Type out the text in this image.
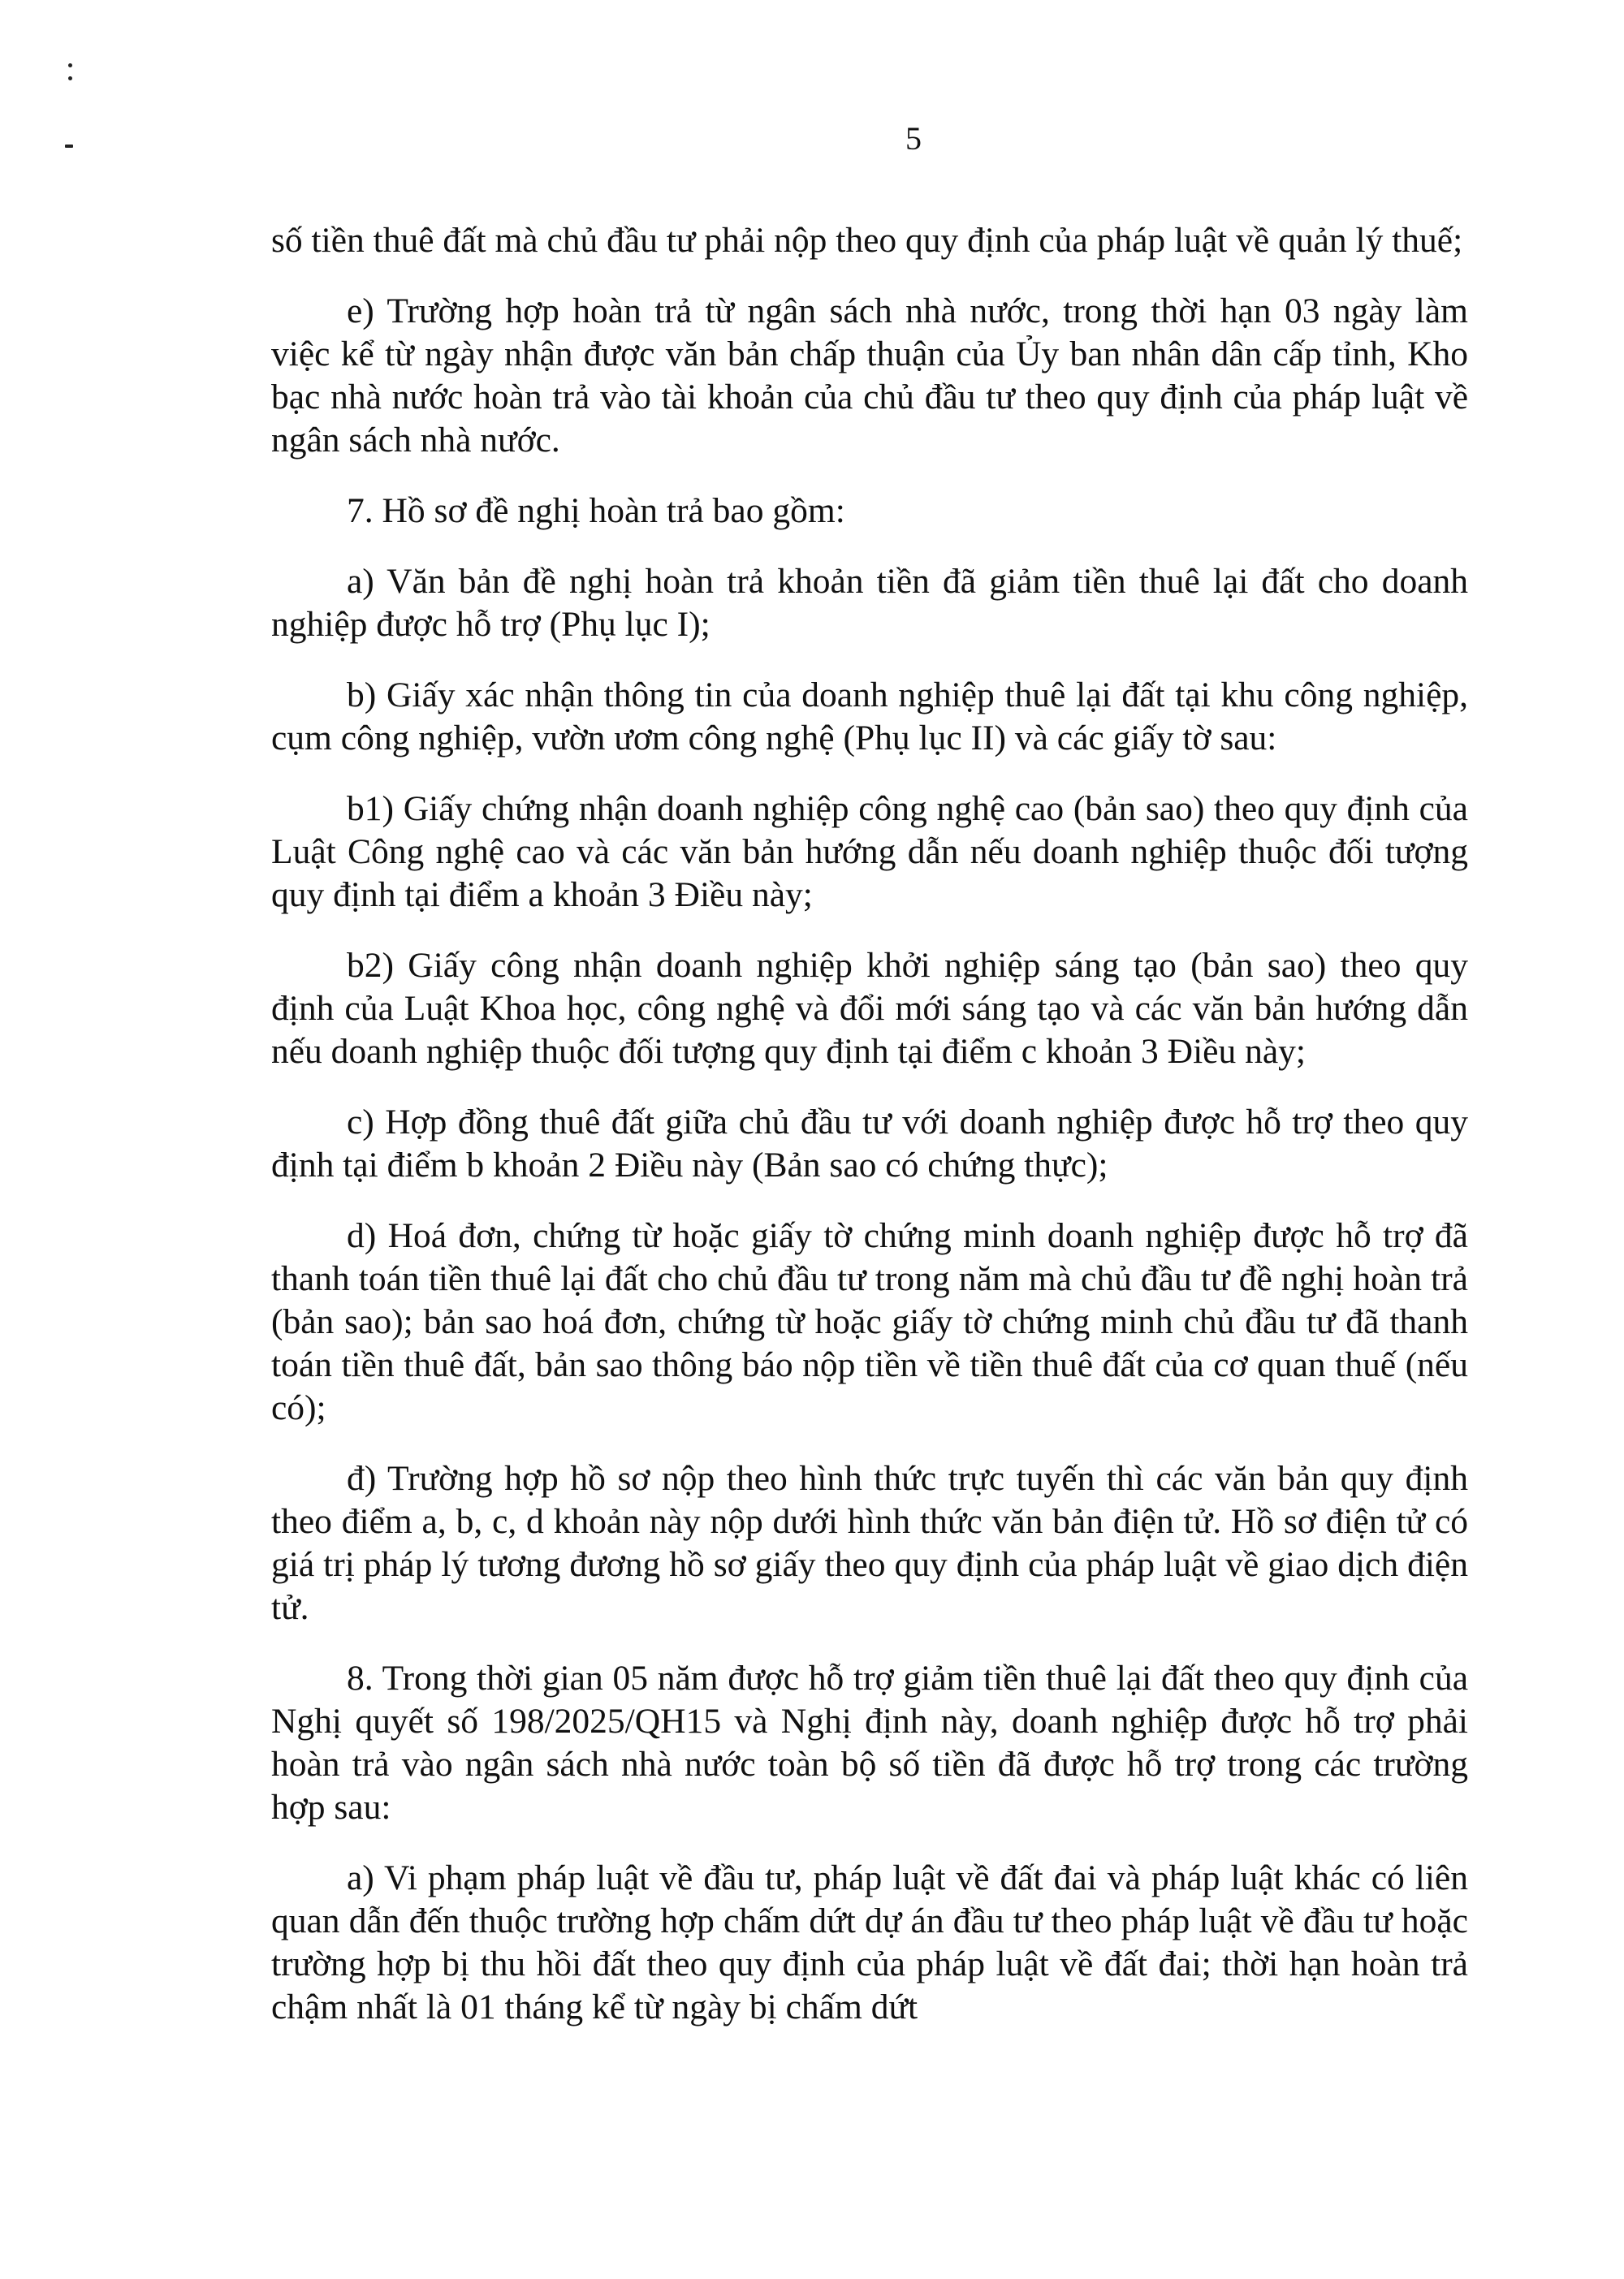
5

số tiền thuê đất mà chủ đầu tư phải nộp theo quy định của pháp luật về quản lý thuế;

e) Trường hợp hoàn trả từ ngân sách nhà nước, trong thời hạn 03 ngày làm việc kể từ ngày nhận được văn bản chấp thuận của Ủy ban nhân dân cấp tỉnh, Kho bạc nhà nước hoàn trả vào tài khoản của chủ đầu tư theo quy định của pháp luật về ngân sách nhà nước.

7. Hồ sơ đề nghị hoàn trả bao gồm:

a) Văn bản đề nghị hoàn trả khoản tiền đã giảm tiền thuê lại đất cho doanh nghiệp được hỗ trợ (Phụ lục I);

b) Giấy xác nhận thông tin của doanh nghiệp thuê lại đất tại khu công nghiệp, cụm công nghiệp, vườn ươm công nghệ (Phụ lục II) và các giấy tờ sau:

b1) Giấy chứng nhận doanh nghiệp công nghệ cao (bản sao) theo quy định của Luật Công nghệ cao và các văn bản hướng dẫn nếu doanh nghiệp thuộc đối tượng quy định tại điểm a khoản 3 Điều này;

b2) Giấy công nhận doanh nghiệp khởi nghiệp sáng tạo (bản sao) theo quy định của Luật Khoa học, công nghệ và đổi mới sáng tạo và các văn bản hướng dẫn nếu doanh nghiệp thuộc đối tượng quy định tại điểm c khoản 3 Điều này;

c) Hợp đồng thuê đất giữa chủ đầu tư với doanh nghiệp được hỗ trợ theo quy định tại điểm b khoản 2 Điều này (Bản sao có chứng thực);

d) Hoá đơn, chứng từ hoặc giấy tờ chứng minh doanh nghiệp được hỗ trợ đã thanh toán tiền thuê lại đất cho chủ đầu tư trong năm mà chủ đầu tư đề nghị hoàn trả (bản sao); bản sao hoá đơn, chứng từ hoặc giấy tờ chứng minh chủ đầu tư đã thanh toán tiền thuê đất, bản sao thông báo nộp tiền về tiền thuê đất của cơ quan thuế (nếu có);

đ) Trường hợp hồ sơ nộp theo hình thức trực tuyến thì các văn bản quy định theo điểm a, b, c, d khoản này nộp dưới hình thức văn bản điện tử. Hồ sơ điện tử có giá trị pháp lý tương đương hồ sơ giấy theo quy định của pháp luật về giao dịch điện tử.

8. Trong thời gian 05 năm được hỗ trợ giảm tiền thuê lại đất theo quy định của Nghị quyết số 198/2025/QH15 và Nghị định này, doanh nghiệp được hỗ trợ phải hoàn trả vào ngân sách nhà nước toàn bộ số tiền đã được hỗ trợ trong các trường hợp sau:

a) Vi phạm pháp luật về đầu tư, pháp luật về đất đai và pháp luật khác có liên quan dẫn đến thuộc trường hợp chấm dứt dự án đầu tư theo pháp luật về đầu tư hoặc trường hợp bị thu hồi đất theo quy định của pháp luật về đất đai; thời hạn hoàn trả chậm nhất là 01 tháng kể từ ngày bị chấm dứt
